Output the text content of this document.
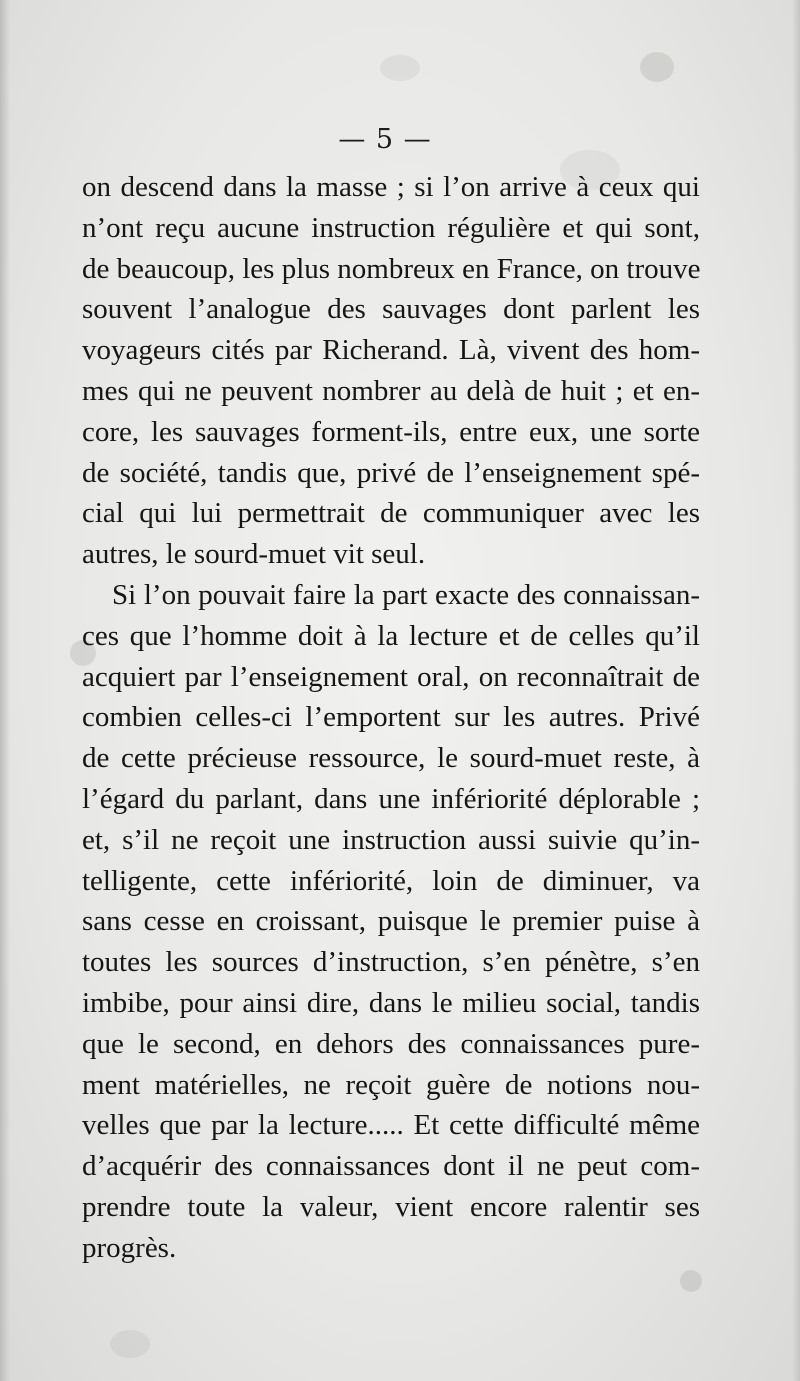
— 5 —
on descend dans la masse ; si l’on arrive à ceux qui
n’ont reçu aucune instruction régulière et qui sont,
de beaucoup, les plus nombreux en France, on trouve
souvent l’analogue des sauvages dont parlent les
voyageurs cités par Richerand. Là, vivent des hom-
mes qui ne peuvent nombrer au delà de huit ; et en-
core, les sauvages forment-ils, entre eux, une sorte
de société, tandis que, privé de l’enseignement spé-
cial qui lui permettrait de communiquer avec les
autres, le sourd-muet vit seul.
Si l’on pouvait faire la part exacte des connaissan-
ces que l’homme doit à la lecture et de celles qu’il
acquiert par l’enseignement oral, on reconnaîtrait de
combien celles-ci l’emportent sur les autres. Privé
de cette précieuse ressource, le sourd-muet reste, à
l’égard du parlant, dans une infériorité déplorable ;
et, s’il ne reçoit une instruction aussi suivie qu’in-
telligente, cette infériorité, loin de diminuer, va
sans cesse en croissant, puisque le premier puise à
toutes les sources d’instruction, s’en pénètre, s’en
imbibe, pour ainsi dire, dans le milieu social, tandis
que le second, en dehors des connaissances pure-
ment matérielles, ne reçoit guère de notions nou-
velles que par la lecture..... Et cette difficulté même
d’acquérir des connaissances dont il ne peut com-
prendre toute la valeur, vient encore ralentir ses
progrès.
